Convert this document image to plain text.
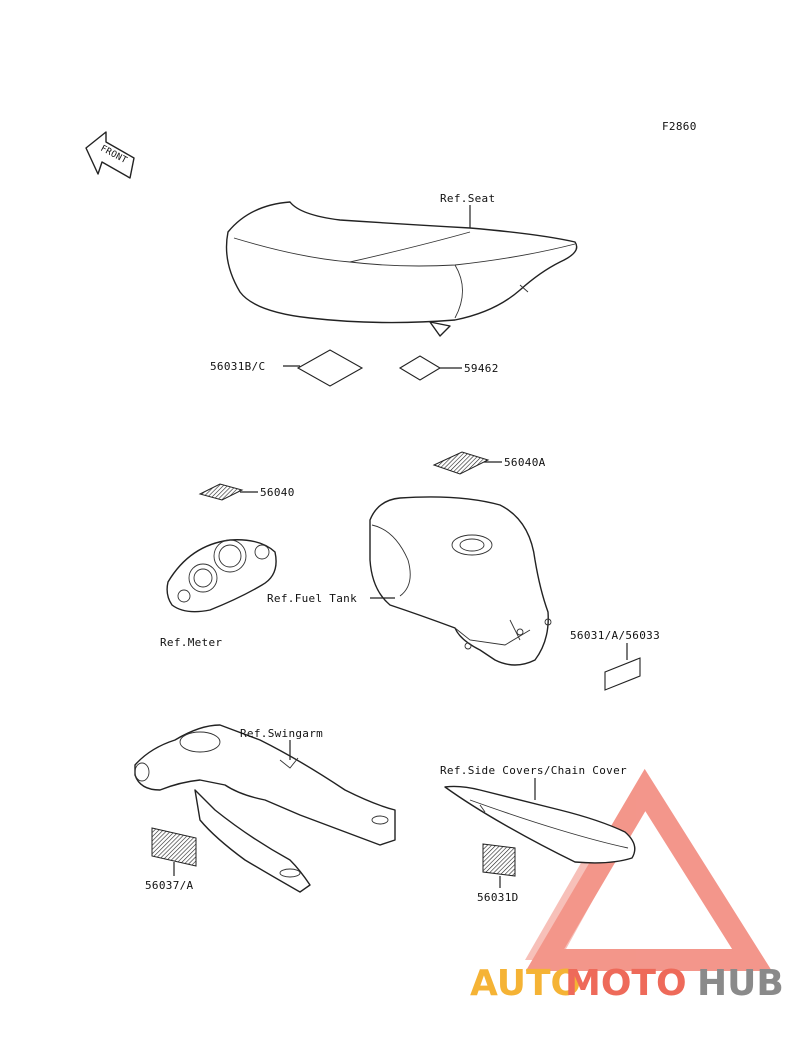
F2860
FRONT
Ref.Seat
56031B/C	59462
56040A
56040
Ref.Meter
Ref.Fuel Tank
56031/A/56033
Ref.Swingarm
56037/A
Ref.Side Covers/Chain Cover
56031D
AUTO
MOTO HUB
